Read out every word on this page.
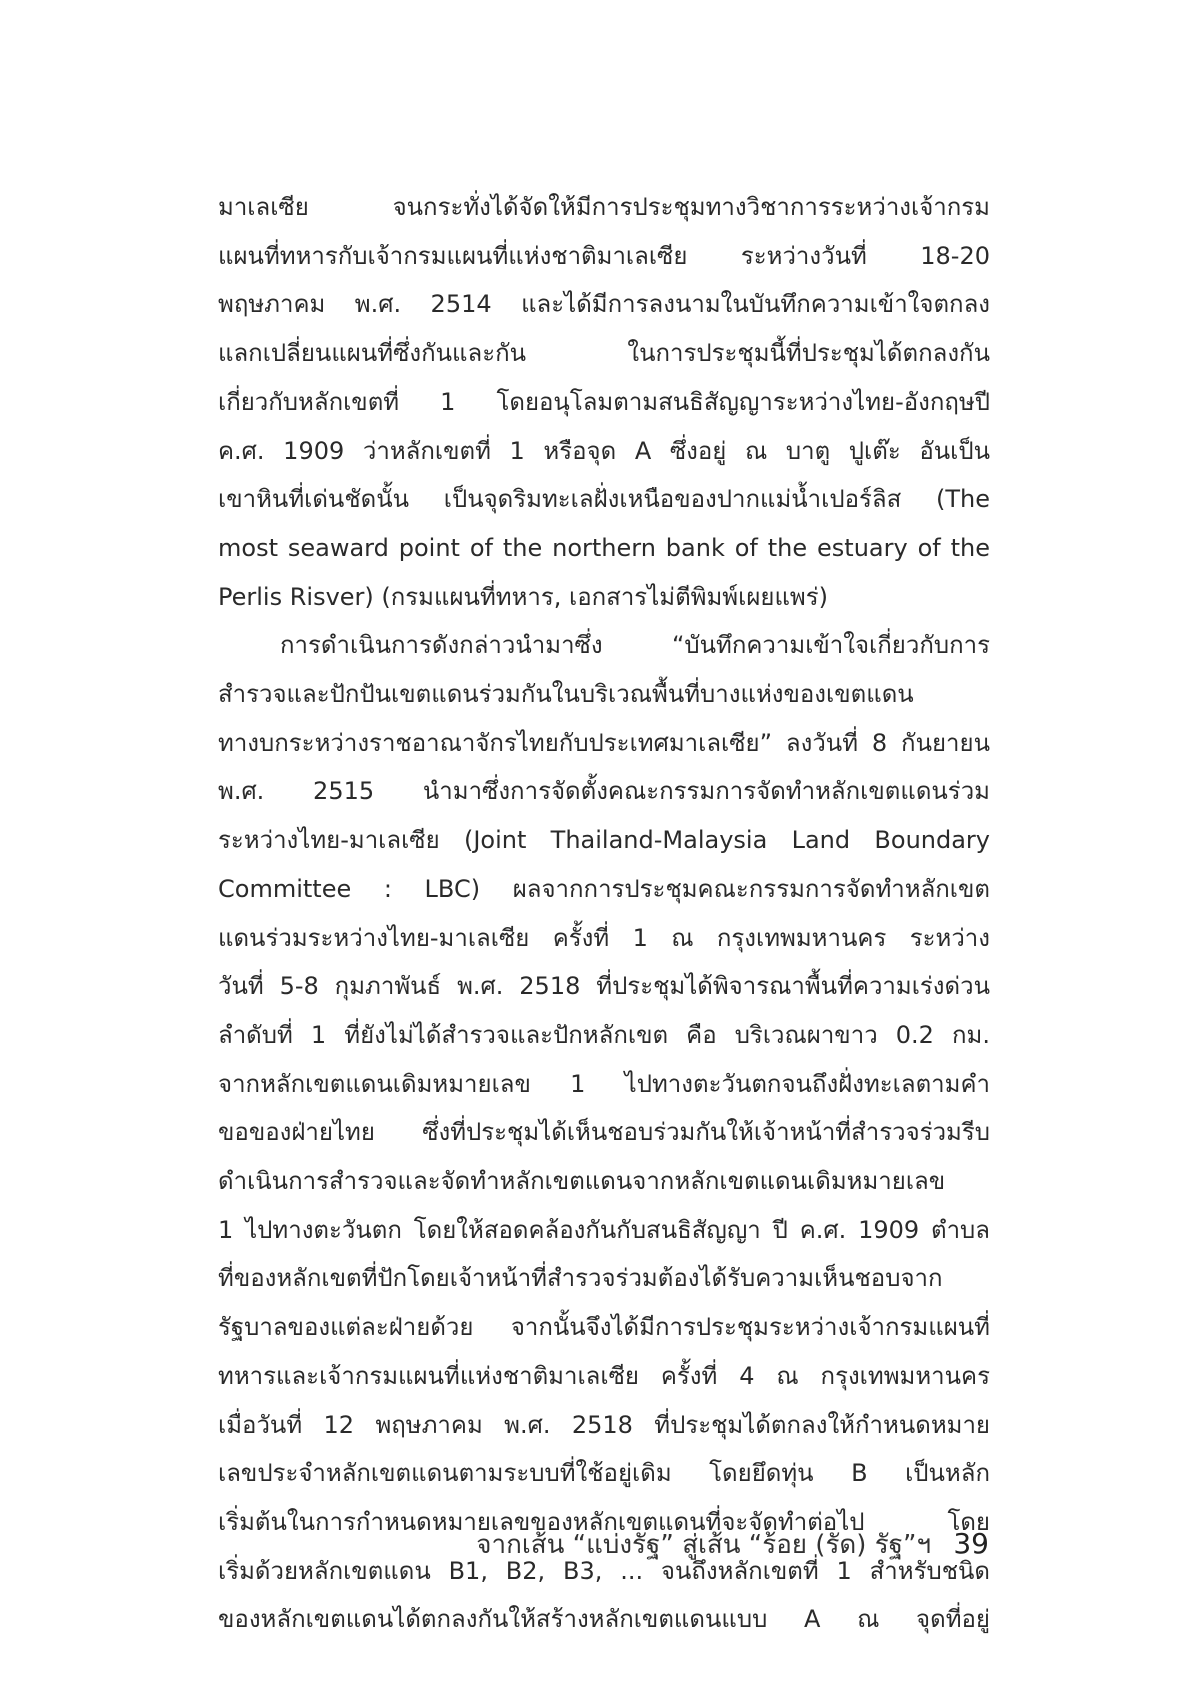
มาเลเซีย จนกระทั่งได้จัดให้มีการประชุมทางวิชาการระหว่างเจ้ากรม
แผนที่ทหารกับเจ้ากรมแผนที่แห่งชาติมาเลเซีย ระหว่างวันที่ 18-20
พฤษภาคม พ.ศ. 2514 และได้มีการลงนามในบันทึกความเข้าใจตกลง
แลกเปลี่ยนแผนที่ซึ่งกันและกัน ในการประชุมนี้ที่ประชุมได้ตกลงกัน
เกี่ยวกับหลักเขตที่ 1 โดยอนุโลมตามสนธิสัญญาระหว่างไทย-อังกฤษปี
ค.ศ. 1909 ว่าหลักเขตที่ 1 หรือจุด A ซึ่งอยู่ ณ บาตู ปูเต๊ะ อันเป็น
เขาหินที่เด่นชัดนั้น เป็นจุดริมทะเลฝั่งเหนือของปากแม่น้ำเปอร์ลิส (The
most seaward point of the northern bank of the estuary of the
Perlis Risver) (กรมแผนที่ทหาร, เอกสารไม่ตีพิมพ์เผยแพร่)
การดำเนินการดังกล่าวนำมาซึ่ง “บันทึกความเข้าใจเกี่ยวกับการ
สำรวจและปักปันเขตแดนร่วมกันในบริเวณพื้นที่บางแห่งของเขตแดน
ทางบกระหว่างราชอาณาจักรไทยกับประเทศมาเลเซีย” ลงวันที่ 8 กันยายน
พ.ศ. 2515 นำมาซึ่งการจัดตั้งคณะกรรมการจัดทำหลักเขตแดนร่วม
ระหว่างไทย-มาเลเซีย (Joint Thailand-Malaysia Land Boundary
Committee : LBC) ผลจากการประชุมคณะกรรมการจัดทำหลักเขต
แดนร่วมระหว่างไทย-มาเลเซีย ครั้งที่ 1 ณ กรุงเทพมหานคร ระหว่าง
วันที่ 5-8 กุมภาพันธ์ พ.ศ. 2518 ที่ประชุมได้พิจารณาพื้นที่ความเร่งด่วน
ลำดับที่ 1 ที่ยังไม่ได้สำรวจและปักหลักเขต คือ บริเวณผาขาว 0.2 กม.
จากหลักเขตแดนเดิมหมายเลข 1 ไปทางตะวันตกจนถึงฝั่งทะเลตามคำ
ขอของฝ่ายไทย ซึ่งที่ประชุมได้เห็นชอบร่วมกันให้เจ้าหน้าที่สำรวจร่วมรีบ
ดำเนินการสำรวจและจัดทำหลักเขตแดนจากหลักเขตแดนเดิมหมายเลข
1 ไปทางตะวันตก โดยให้สอดคล้องกันกับสนธิสัญญา ปี ค.ศ. 1909 ตำบล
ที่ของหลักเขตที่ปักโดยเจ้าหน้าที่สำรวจร่วมต้องได้รับความเห็นชอบจาก
รัฐบาลของแต่ละฝ่ายด้วย จากนั้นจึงได้มีการประชุมระหว่างเจ้ากรมแผนที่
ทหารและเจ้ากรมแผนที่แห่งชาติมาเลเซีย ครั้งที่ 4 ณ กรุงเทพมหานคร
เมื่อวันที่ 12 พฤษภาคม พ.ศ. 2518 ที่ประชุมได้ตกลงให้กำหนดหมาย
เลขประจำหลักเขตแดนตามระบบที่ใช้อยู่เดิม โดยยึดทุ่น B เป็นหลัก
เริ่มต้นในการกำหนดหมายเลขของหลักเขตแดนที่จะจัดทำต่อไป โดย
เริ่มด้วยหลักเขตแดน B1, B2, B3, ... จนถึงหลักเขตที่ 1 สำหรับชนิด
ของหลักเขตแดนได้ตกลงกันให้สร้างหลักเขตแดนแบบ A ณ จุดที่อยู่
จากเส้น “แบ่งรัฐ” สู่เส้น “ร้อย (รัด) รัฐ”ฯ 39
